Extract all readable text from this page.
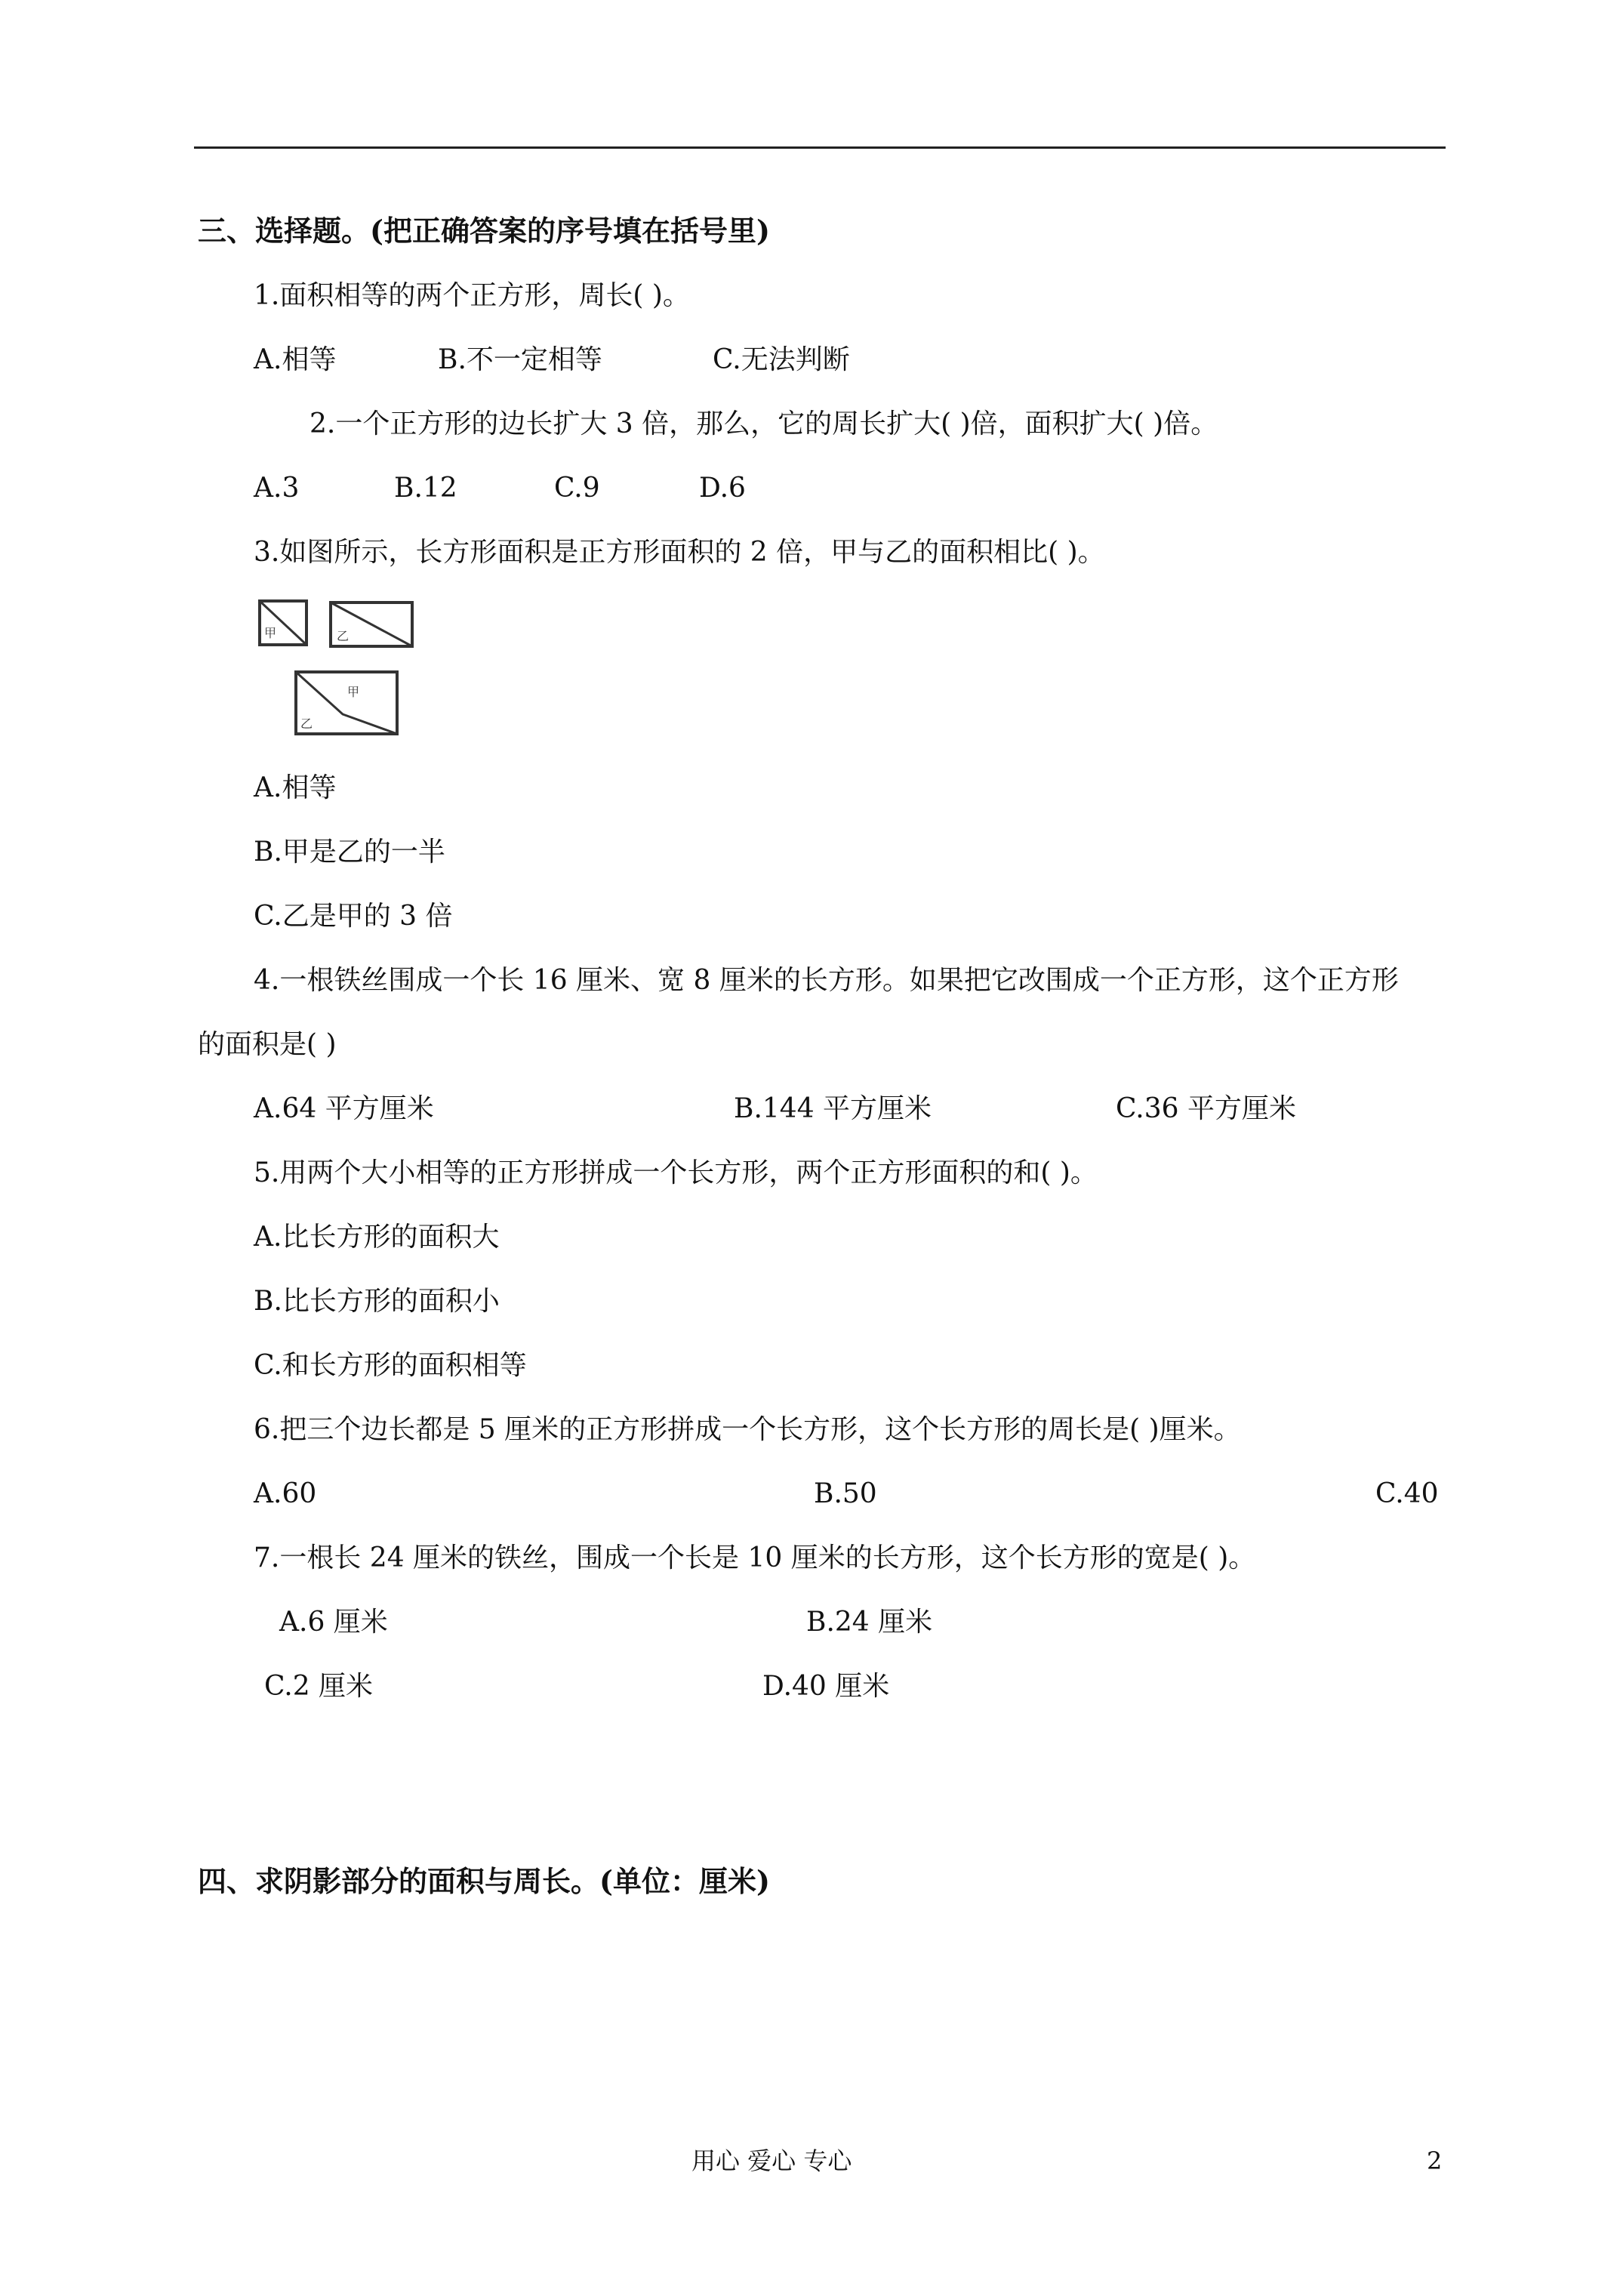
三、选择题。(把正确答案的序号填在括号里)
1.面积相等的两个正方形，周长( )。
A.相等	B.不一定相等	C.无法判断
2.一个正方形的边长扩大 3 倍，那么，它的周长扩大( )倍，面积扩大( )倍。
A.3	B.12	C.9	D.6
3.如图所示，长方形面积是正方形面积的 2 倍，甲与乙的面积相比( )。
甲	乙
甲
乙
A.相等
B.甲是乙的一半
C.乙是甲的 3 倍
4.一根铁丝围成一个长 16 厘米、宽 8 厘米的长方形。如果把它改围成一个正方形，这个正方形
的面积是( )
A.64 平方厘米	B.144 平方厘米	C.36 平方厘米
5.用两个大小相等的正方形拼成一个长方形，两个正方形面积的和( )。
A.比长方形的面积大
B.比长方形的面积小
C.和长方形的面积相等
6.把三个边长都是 5 厘米的正方形拼成一个长方形，这个长方形的周长是( )厘米。
A.60	B.50	C.40
7.一根长 24 厘米的铁丝，围成一个长是 10 厘米的长方形，这个长方形的宽是( )。
A.6 厘米	B.24 厘米
C.2 厘米	D.40 厘米
四、求阴影部分的面积与周长。(单位：厘米)
用心 爱心 专心	2
